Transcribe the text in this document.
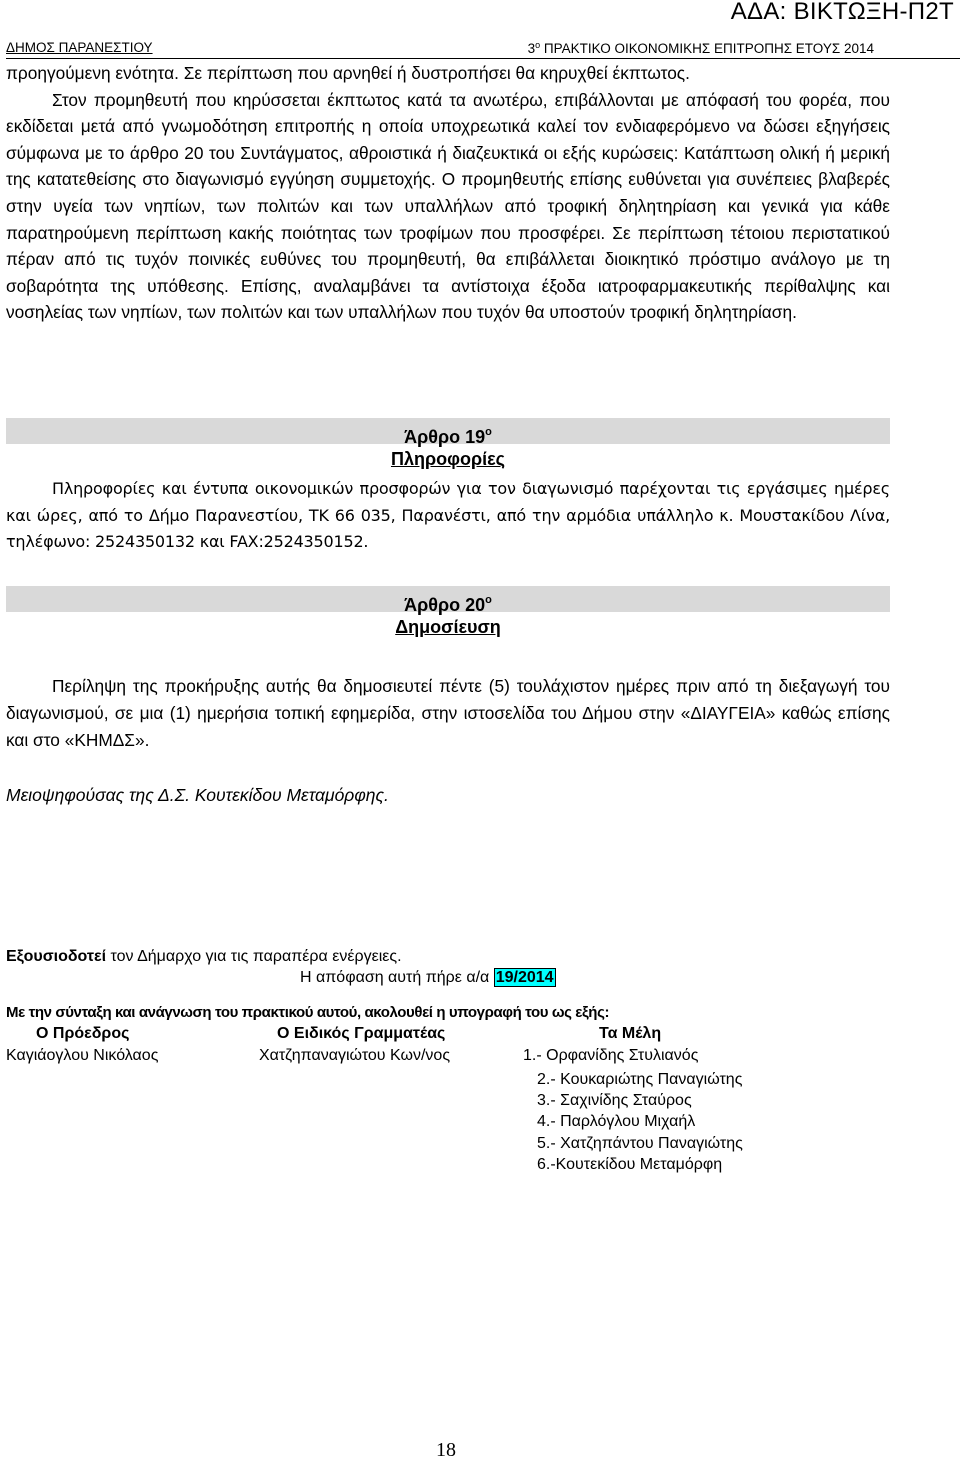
ΑΔΑ: ΒΙΚΤΩΞΗ-Π2Τ
ΔΗΜΟΣ ΠΑΡΑΝΕΣΤΙΟΥ	$3^o$ ΠΡΑΚΤΙΚΟ ΟΙΚΟΝΟΜΙΚΗΣ ΕΠΙΤΡΟΠΗΣ ΕΤΟΥΣ 2014

προηγούμενη ενότητα. Σε περίπτωση που αρνηθεί ή δυστροπήσει θα κηρυχθεί έκπτωτος.

Στον προμηθευτή που κηρύσσεται έκπτωτος κατά τα ανωτέρω, επιβάλλονται με απόφασή του φορέα, που εκδίδεται μετά από γνωμοδότηση επιτροπής η οποία υποχρεωτικά καλεί τον ενδιαφερόμενο να δώσει εξηγήσεις σύμφωνα με το άρθρο 20 του Συντάγματος, αθροιστικά ή διαζευκτικά οι εξής κυρώσεις: Κατάπτωση ολική ή μερική της κατατεθείσης στο διαγωνισμό εγγύηση συμμετοχής. Ο προμηθευτής επίσης ευθύνεται για συνέπειες βλαβερές στην υγεία των νηπίων, των πολιτών και των υπαλλήλων από τροφική δηλητηρίαση και γενικά για κάθε παρατηρούμενη περίπτωση κακής ποιότητας των τροφίμων που προσφέρει. Σε περίπτωση τέτοιου περιστατικού πέραν από τις τυχόν ποινικές ευθύνες του προμηθευτή, θα επιβάλλεται διοικητικό πρόστιμο ανάλογο με τη σοβαρότητα της υπόθεσης. Επίσης, αναλαμβάνει τα αντίστοιχα έξοδα ιατροφαρμακευτικής περίθαλψης και νοσηλείας των νηπίων, των πολιτών και των υπαλλήλων που τυχόν θα υποστούν τροφική δηλητηρίαση.

Άρθρο $19^o$
Πληροφορίες

Πληροφορίες και έντυπα οικονομικών προσφορών για τον διαγωνισμό παρέχονται τις εργάσιμες ημέρες και ώρες, από το Δήμο Παρανεστίου, ΤΚ 66 035, Παρανέστι, από την αρμόδια υπάλληλο κ. Μουστακίδου Λίνα, τηλέφωνο: 2524350132 και FAX:2524350152.

Άρθρο $20^o$
Δημοσίευση

Περίληψη της προκήρυξης αυτής θα δημοσιευτεί πέντε (5) τουλάχιστον ημέρες πριν από τη διεξαγωγή του διαγωνισμού, σε μια (1) ημερήσια τοπική εφημερίδα, στην ιστοσελίδα του Δήμου στην «ΔΙΑΥΓΕΙΑ» καθώς επίσης και στο «ΚΗΜΔΣ».

Μειοψηφούσας της Δ.Σ. Κουτεκίδου Μεταμόρφης.
Εξουσιοδοτεί τον Δήμαρχο για τις παραπέρα ενέργειες.
Η απόφαση αυτή πήρε α/α 19/2014
Με την σύνταξη και ανάγνωση του πρακτικού αυτού, ακολουθεί η υπογραφή του ως εξής:
Ο Πρόεδρος	Ο Ειδικός Γραμματέας	Τα Μέλη
Καγιάογλου Νικόλαος	Χατζηπαναγιώτου Κων/νος	1.- Ορφανίδης Στυλιανός
2.- Κουκαριώτης Παναγιώτης
3.- Σαχινίδης Σταύρος
4.- Παρλόγλου Μιχαήλ
5.- Χατζηπάντου Παναγιώτης
6.-Κουτεκίδου Μεταμόρφη
18
